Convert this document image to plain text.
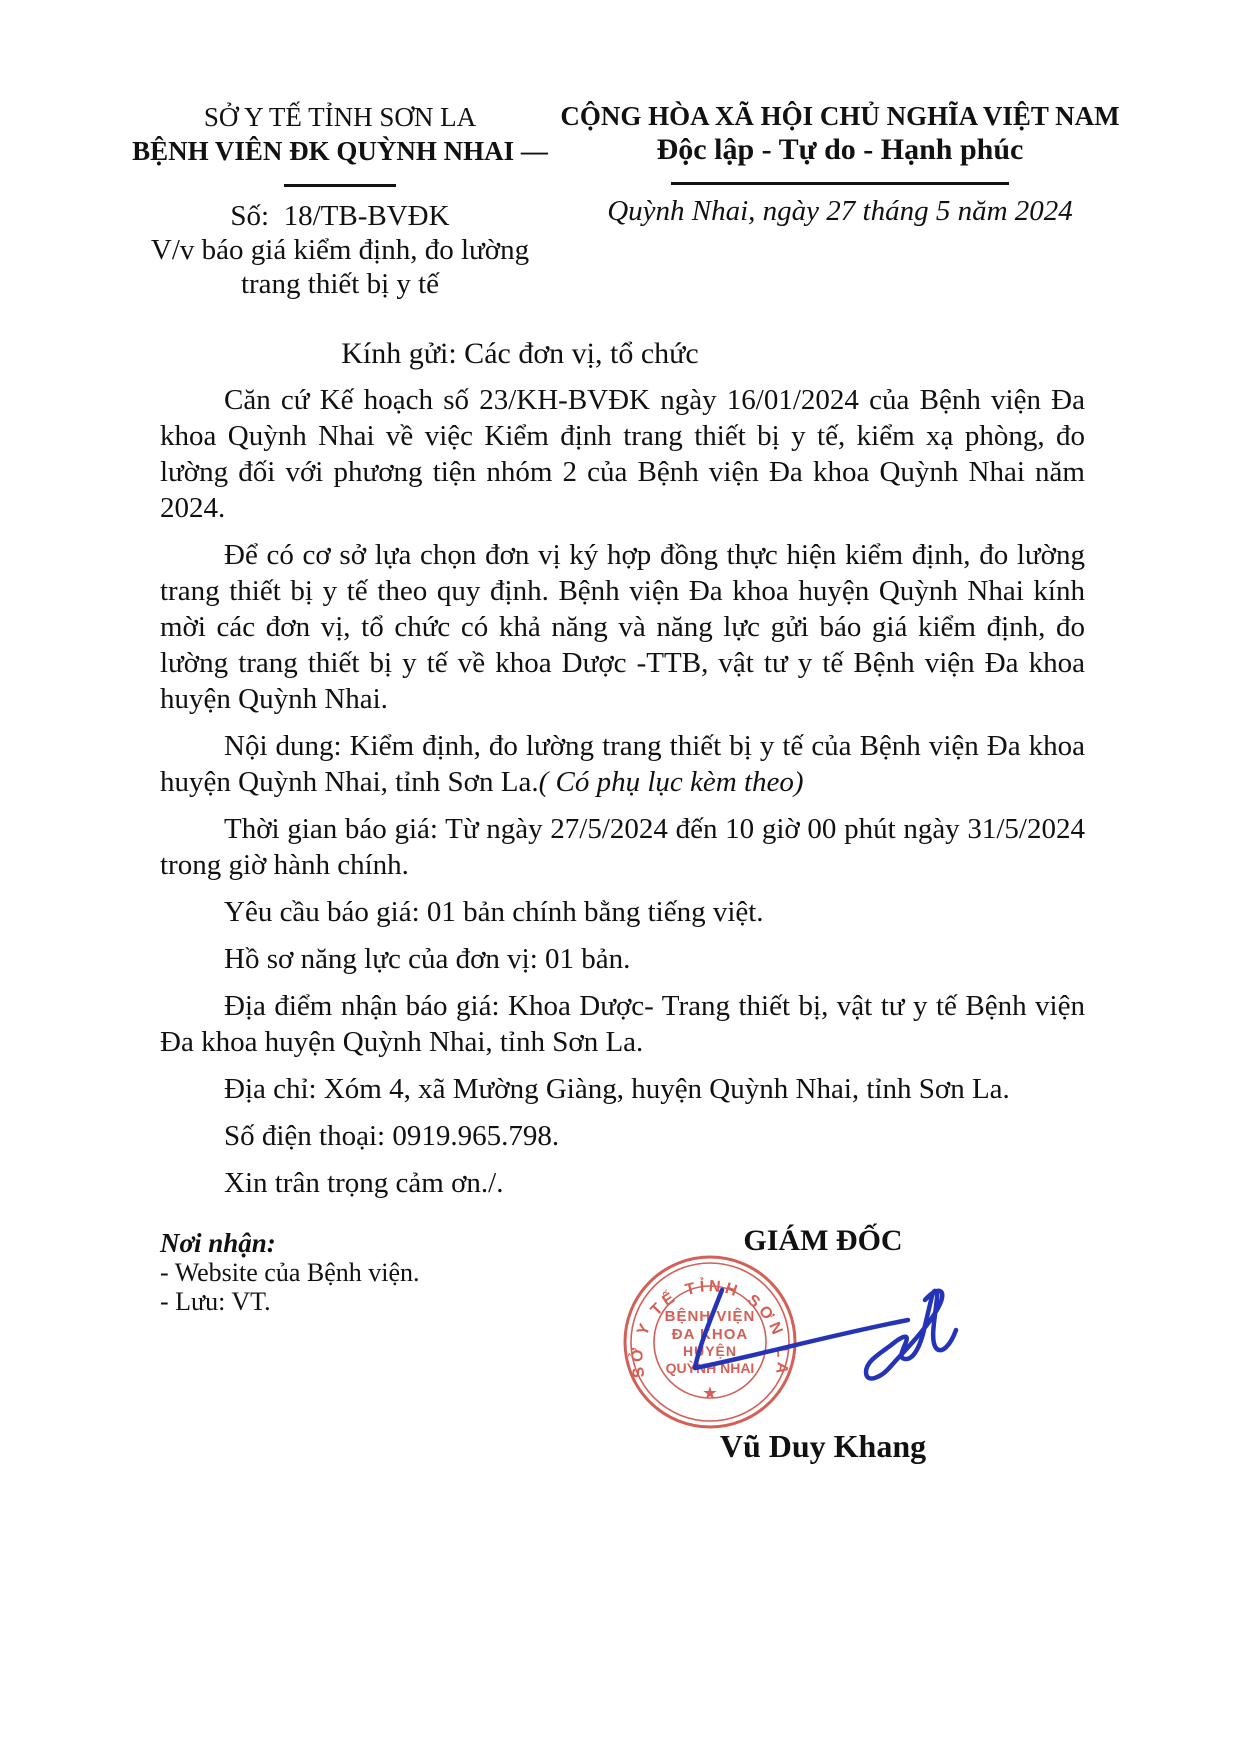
SỞ Y TẾ TỈNH SƠN LA
BỆNH VIÊN ĐK QUỲNH NHAI —
Số:  18/TB-BVĐK
V/v báo giá kiểm định, đo lường
trang thiết bị y tế
CỘNG HÒA XÃ HỘI CHỦ NGHĨA VIỆT NAM
Độc lập - Tự do - Hạnh phúc
Quỳnh Nhai, ngày 27 tháng 5 năm 2024
Kính gửi: Các đơn vị, tổ chức

Căn cứ Kế hoạch số 23/KH-BVĐK ngày 16/01/2024 của Bệnh viện Đa khoa Quỳnh Nhai về việc Kiểm định trang thiết bị y tế, kiểm xạ phòng, đo lường đối với phương tiện nhóm 2 của Bệnh viện Đa khoa Quỳnh Nhai năm 2024.

Để có cơ sở lựa chọn đơn vị ký hợp đồng thực hiện kiểm định, đo lường trang thiết bị y tế theo quy định. Bệnh viện Đa khoa huyện Quỳnh Nhai kính mời các đơn vị, tổ chức có khả năng và năng lực gửi báo giá kiểm định, đo lường trang thiết bị y tế về khoa Dược -TTB, vật tư y tế Bệnh viện Đa khoa huyện Quỳnh Nhai.

Nội dung: Kiểm định, đo lường trang thiết bị y tế của Bệnh viện Đa khoa huyện Quỳnh Nhai, tỉnh Sơn La.( Có phụ lục kèm theo)

Thời gian báo giá: Từ ngày 27/5/2024 đến 10 giờ 00 phút ngày 31/5/2024 trong giờ hành chính.

Yêu cầu báo giá: 01 bản chính bằng tiếng việt.

Hồ sơ năng lực của đơn vị: 01 bản.

Địa điểm nhận báo giá: Khoa Dược- Trang thiết bị, vật tư y tế Bệnh viện Đa khoa huyện Quỳnh Nhai, tỉnh Sơn La.

Địa chỉ: Xóm 4, xã Mường Giàng, huyện Quỳnh Nhai, tỉnh Sơn La.

Số điện thoại: 0919.965.798.

Xin trân trọng cảm ơn./.

Nơi nhận:
- Website của Bệnh viện.
- Lưu: VT.
GIÁM ĐỐC
SỞ Y TẾ TỈNH SƠN LA
BỆNH VIỆN
ĐA KHOA
HUYỆN
QUỲNH NHAI
★
Vũ Duy Khang
